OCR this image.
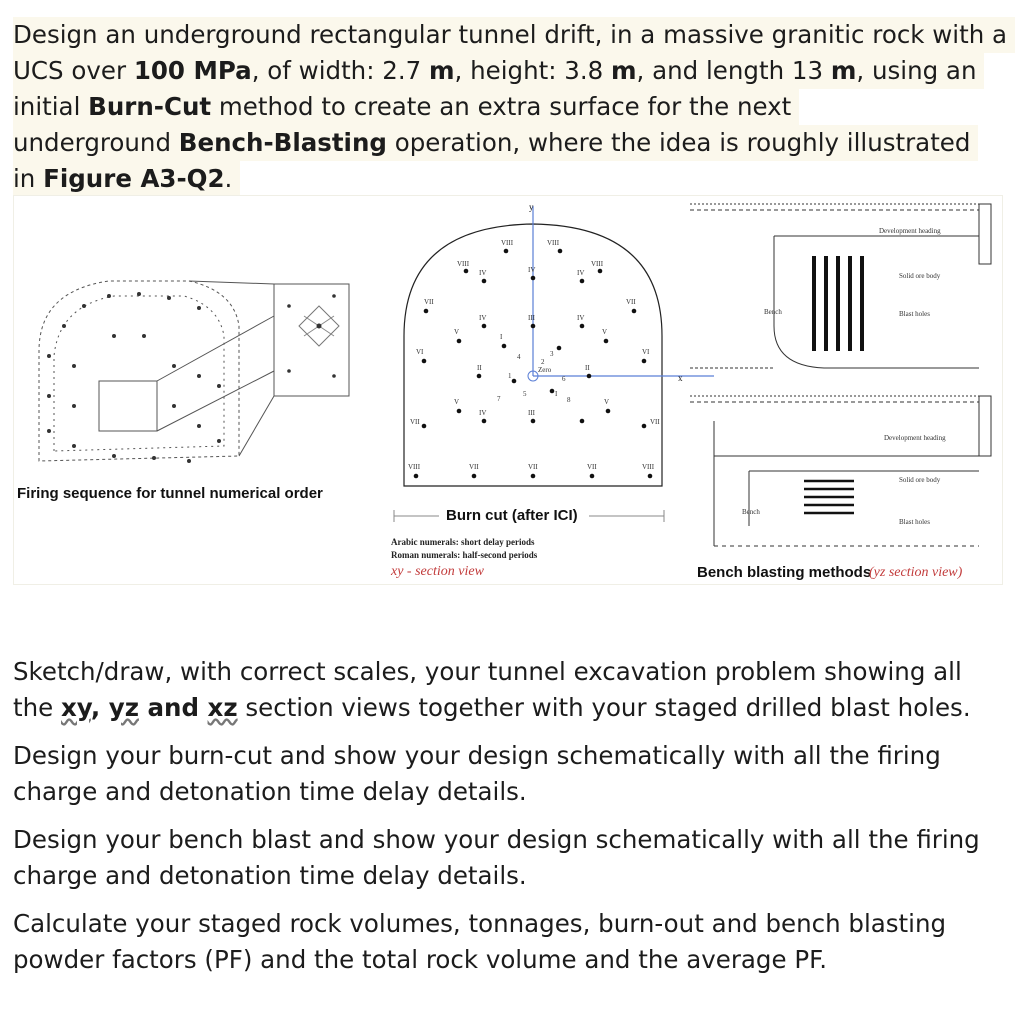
Design an underground rectangular tunnel drift, in a massive granitic rock with a
UCS over 100 MPa, of width: 2.7 m, height: 3.8 m, and length 13 m, using an
initial Burn-Cut method to create an extra surface for the next
underground Bench-Blasting operation, where the idea is roughly illustrated
in Figure A3-Q2.
Firing sequence for tunnel numerical order
y
x
VIII	VIII
VIII	VIII
VII	VII
VI	VI
VII	VII
VIII	VII	VII	VII	VIII
IV	IV	IV
IV	IV
IV
V	V
V	V
III
III
II	II
I
I
1
2
3
4
5
6
7	8
Zero
Burn cut (after ICI)
Arabic numerals: short delay periods
Roman numerals: half-second periods
xy - section view
Development heading
Solid ore body
Blast holes
Bench
Development heading
Solid ore body
Blast holes
Bench
Bench blasting methods
(yz section view)

Sketch/draw, with correct scales, your tunnel excavation problem showing all
the xy, yz and xz section views together with your staged drilled blast holes.

Design your burn-cut and show your design schematically with all the firing charge and detonation time delay details.

Design your bench blast and show your design schematically with all the firing charge and detonation time delay details.

Calculate your staged rock volumes, tonnages, burn-out and bench blasting powder factors (PF) and the total rock volume and the average PF.
